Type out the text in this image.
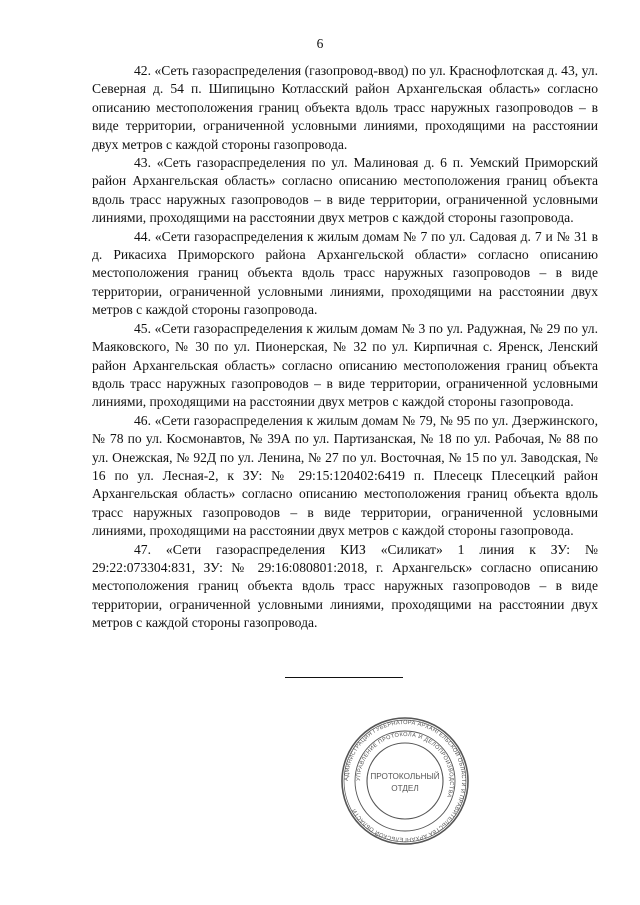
6

42. «Сеть газораспределения (газопровод-ввод) по ул. Краснофлотская д. 43, ул. Северная д. 54 п. Шипицыно Котласский район Архангельская область» согласно описанию местоположения границ объекта вдоль трасс наружных газопроводов – в виде территории, ограниченной условными линиями, проходящими на расстоянии двух метров с каждой стороны газопровода.

43. «Сеть газораспределения по ул. Малиновая д. 6 п. Уемский Приморский район Архангельская область» согласно описанию местоположения границ объекта вдоль трасс наружных газопроводов – в виде территории, ограниченной условными линиями, проходящими на расстоянии двух метров с каждой стороны газопровода.

44. «Сети газораспределения к жилым домам № 7 по ул. Садовая д. 7 и № 31 в д. Рикасиха Приморского района Архангельской области» согласно описанию местоположения границ объекта вдоль трасс наружных газопроводов – в виде территории, ограниченной условными линиями, проходящими на расстоянии двух метров с каждой стороны газопровода.

45. «Сети газораспределения к жилым домам № 3 по ул. Радужная, № 29 по ул. Маяковского, № 30 по ул. Пионерская, № 32 по ул. Кирпичная с. Яренск, Ленский район Архангельская область» согласно описанию местоположения границ объекта вдоль трасс наружных газопроводов – в виде территории, ограниченной условными линиями, проходящими на расстоянии двух метров с каждой стороны газопровода.

46. «Сети газораспределения к жилым домам № 79, № 95 по ул. Дзержинского, № 78 по ул. Космонавтов, № 39А по ул. Партизанская, № 18 по ул. Рабочая, № 88 по ул. Онежская, № 92Д по ул. Ленина, № 27 по ул. Восточная, № 15 по ул. Заводская, № 16 по ул. Лесная-2, к ЗУ: № 29:15:120402:6419 п. Плесецк Плесецкий район Архангельская область» согласно описанию местоположения границ объекта вдоль трасс наружных газопроводов – в виде территории, ограниченной условными линиями, проходящими на расстоянии двух метров с каждой стороны газопровода.

47. «Сети газораспределения КИЗ «Силикат» 1 линия к ЗУ: № 29:22:073304:831, ЗУ: № 29:16:080801:2018, г. Архангельск» согласно описанию местоположения границ объекта вдоль трасс наружных газопроводов – в виде территории, ограниченной условными линиями, проходящими на расстоянии двух метров с каждой стороны газопровода.

АДМИНИСТРАЦИЯ ГУБЕРНАТОРА АРХАНГЕЛЬСКОЙ ОБЛАСТИ И ПРАВИТЕЛЬСТВА АРХАНГЕЛЬСКОЙ ОБЛАСТИ
УПРАВЛЕНИЕ ПРОТОКОЛА И ДЕЛОПРОИЗВОДСТВА
ПРОТОКОЛЬНЫЙ
ОТДЕЛ
